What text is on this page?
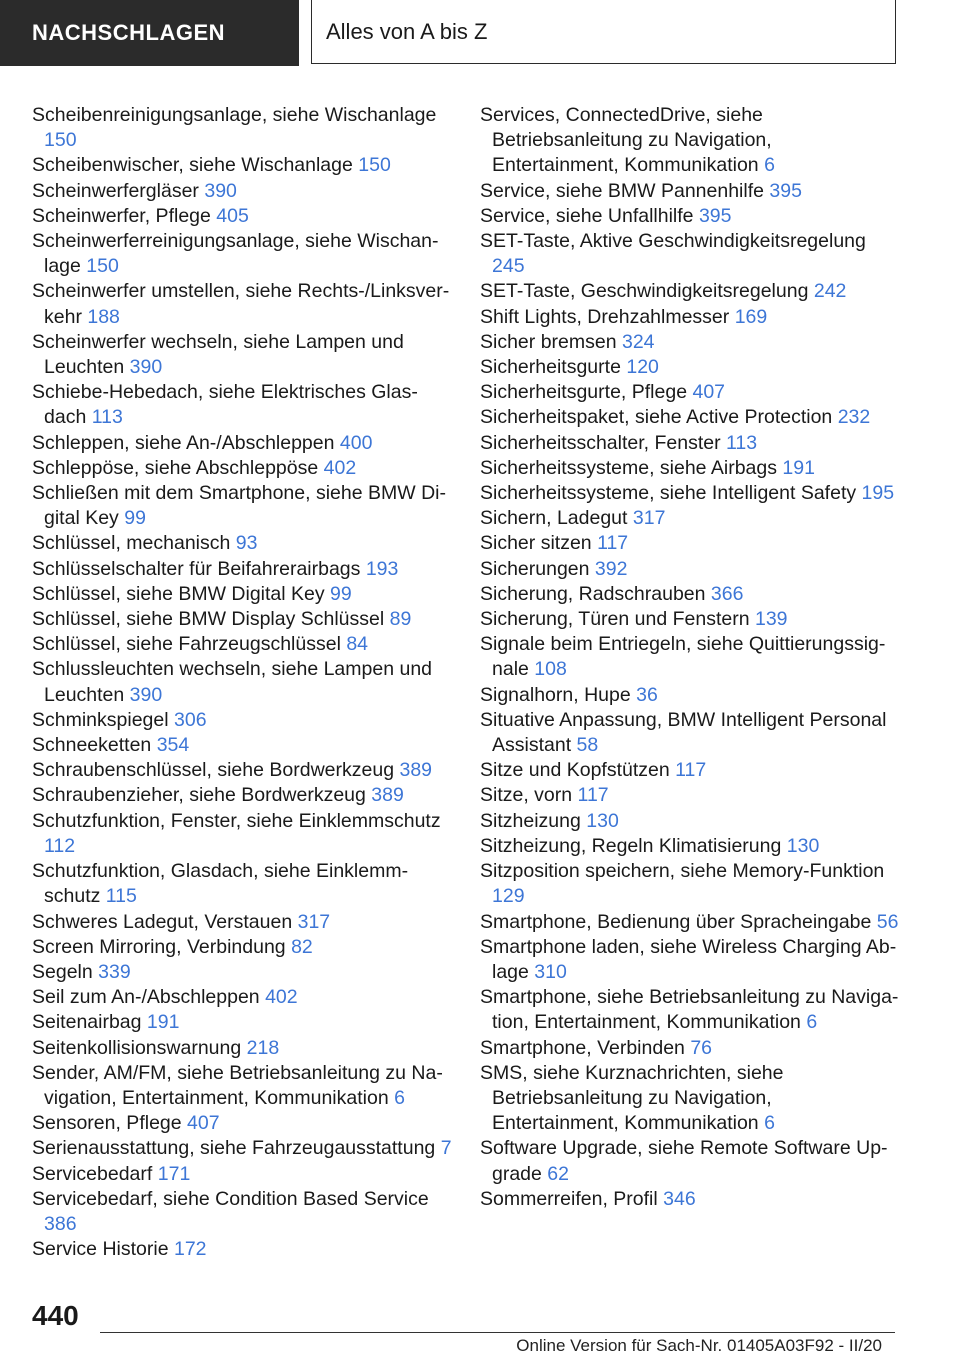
NACHSCHLAGEN	Alles von A bis Z
Scheibenreinigungsanlage, siehe Wischanlage 150
Scheibenwischer, siehe Wischanlage 150
Scheinwerfergläser 390
Scheinwerfer, Pflege 405
Scheinwerferreinigungsanlage, siehe Wischanlage 150
Scheinwerfer umstellen, siehe Rechts-/Linksverkehr 188
Scheinwerfer wechseln, siehe Lampen und Leuchten 390
Schiebe-Hebedach, siehe Elektrisches Glasdach 113
Schleppen, siehe An-/Abschleppen 400
Schleppöse, siehe Abschleppöse 402
Schließen mit dem Smartphone, siehe BMW Digital Key 99
Schlüssel, mechanisch 93
Schlüsselschalter für Beifahrerairbags 193
Schlüssel, siehe BMW Digital Key 99
Schlüssel, siehe BMW Display Schlüssel 89
Schlüssel, siehe Fahrzeugschlüssel 84
Schlussleuchten wechseln, siehe Lampen und Leuchten 390
Schminkspiegel 306
Schneeketten 354
Schraubenschlüssel, siehe Bordwerkzeug 389
Schraubenzieher, siehe Bordwerkzeug 389
Schutzfunktion, Fenster, siehe Einklemmschutz 112
Schutzfunktion, Glasdach, siehe Einklemmschutz 115
Schweres Ladegut, Verstauen 317
Screen Mirroring, Verbindung 82
Segeln 339
Seil zum An-/Abschleppen 402
Seitenairbag 191
Seitenkollisionswarnung 218
Sender, AM/FM, siehe Betriebsanleitung zu Navigation, Entertainment, Kommunikation 6
Sensoren, Pflege 407
Serienausstattung, siehe Fahrzeugausstattung 7
Servicebedarf 171
Servicebedarf, siehe Condition Based Service 386
Service Historie 172
Services, ConnectedDrive, siehe Betriebsanleitung zu Navigation, Entertainment, Kommunikation 6
Service, siehe BMW Pannenhilfe 395
Service, siehe Unfallhilfe 395
SET-Taste, Aktive Geschwindigkeitsregelung 245
SET-Taste, Geschwindigkeitsregelung 242
Shift Lights, Drehzahlmesser 169
Sicher bremsen 324
Sicherheitsgurte 120
Sicherheitsgurte, Pflege 407
Sicherheitspaket, siehe Active Protection 232
Sicherheitsschalter, Fenster 113
Sicherheitssysteme, siehe Airbags 191
Sicherheitssysteme, siehe Intelligent Safety 195
Sichern, Ladegut 317
Sicher sitzen 117
Sicherungen 392
Sicherung, Radschrauben 366
Sicherung, Türen und Fenstern 139
Signale beim Entriegeln, siehe Quittierungssignale 108
Signalhorn, Hupe 36
Situative Anpassung, BMW Intelligent Personal Assistant 58
Sitze und Kopfstützen 117
Sitze, vorn 117
Sitzheizung 130
Sitzheizung, Regeln Klimatisierung 130
Sitzposition speichern, siehe Memory-Funktion 129
Smartphone, Bedienung über Spracheingabe 56
Smartphone laden, siehe Wireless Charging Ablage 310
Smartphone, siehe Betriebsanleitung zu Navigation, Entertainment, Kommunikation 6
Smartphone, Verbinden 76
SMS, siehe Kurznachrichten, siehe Betriebsanleitung zu Navigation, Entertainment, Kommunikation 6
Software Upgrade, siehe Remote Software Upgrade 62
Sommerreifen, Profil 346
440
Online Version für Sach-Nr. 01405A03F92 - II/20
